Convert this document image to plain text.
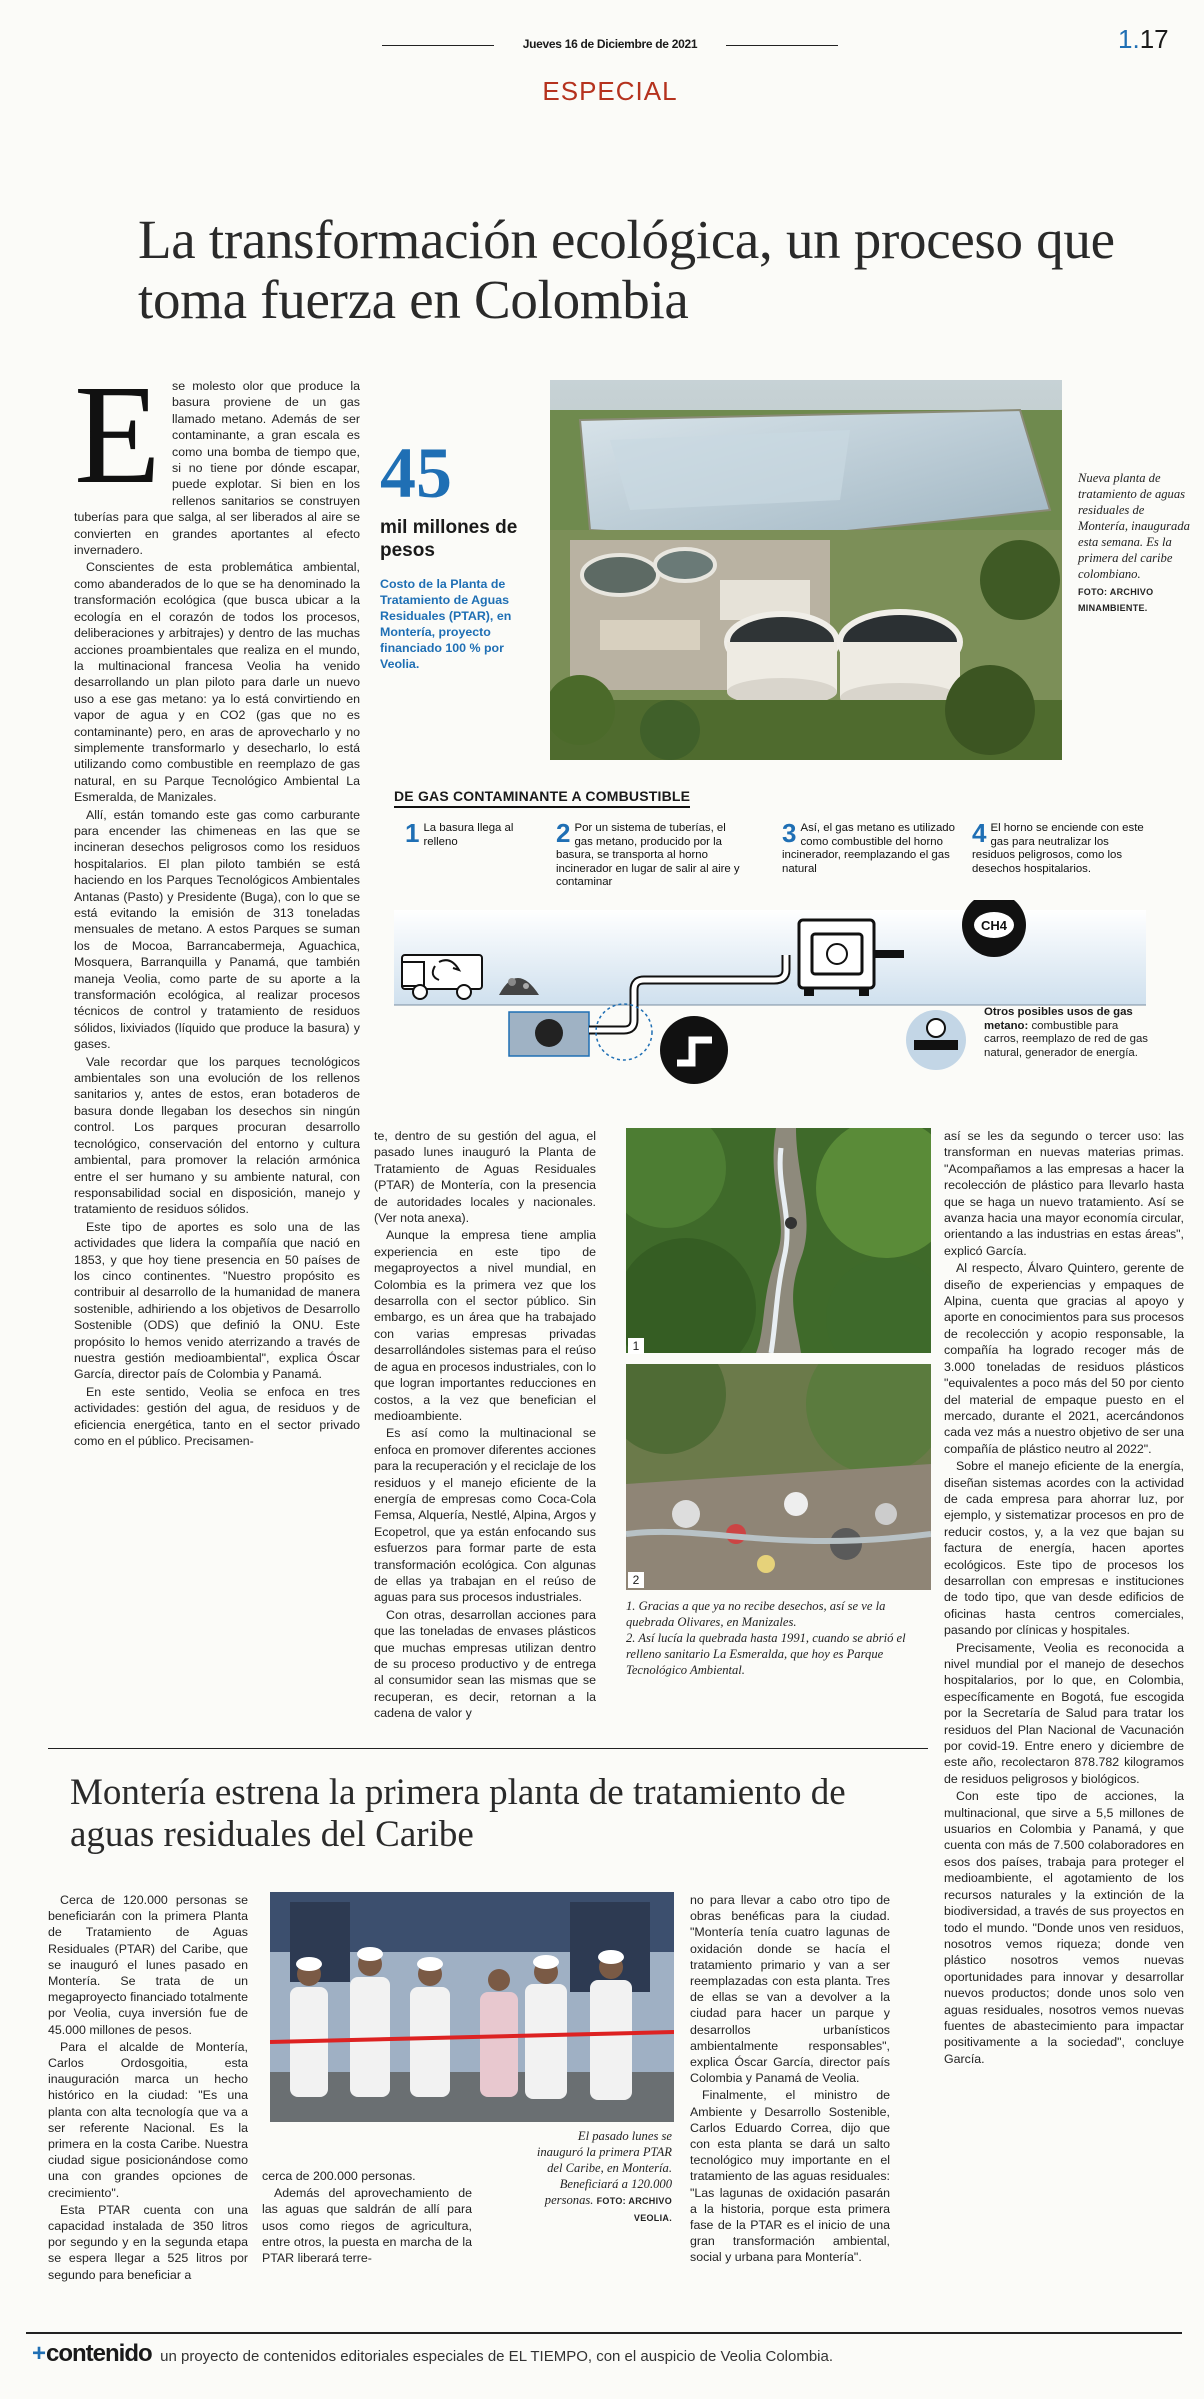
Jueves 16 de Diciembre de 2021	1.17
ESPECIAL
La transformación ecológica, un proceso que toma fuerza en Colombia
E se molesto olor que produce la basura proviene de un gas llamado metano. Además de ser contaminante, a gran escala es como una bomba de tiempo que, si no tiene por dónde escapar, puede explotar. Si bien en los rellenos sanitarios se construyen tuberías para que salga, al ser liberados al aire se convierten en grandes aportantes al efecto invernadero.

Conscientes de esta problemática ambiental, como abanderados de lo que se ha denominado la transformación ecológica (que busca ubicar a la ecología en el corazón de todos los procesos, deliberaciones y arbitrajes) y dentro de las muchas acciones proambientales que realiza en el mundo, la multinacional francesa Veolia ha venido desarrollando un plan piloto para darle un nuevo uso a ese gas metano: ya lo está convirtiendo en vapor de agua y en CO2 (gas que no es contaminante) pero, en aras de aprovecharlo y no simplemente transformarlo y desecharlo, lo está utilizando como combustible en reemplazo de gas natural, en su Parque Tecnológico Ambiental La Esmeralda, de Manizales.

Allí, están tomando este gas como carburante para encender las chimeneas en las que se incineran desechos peligrosos como los residuos hospitalarios. El plan piloto también se está haciendo en los Parques Tecnológicos Ambientales Antanas (Pasto) y Presidente (Buga), con lo que se está evitando la emisión de 313 toneladas mensuales de metano. A estos Parques se suman los de Mocoa, Barrancabermeja, Aguachica, Mosquera, Barranquilla y Panamá, que también maneja Veolia, como parte de su aporte a la transformación ecológica, al realizar procesos técnicos de control y tratamiento de residuos sólidos, lixiviados (líquido que produce la basura) y gases.

Vale recordar que los parques tecnológicos ambientales son una evolución de los rellenos sanitarios y, antes de estos, eran botaderos de basura donde llegaban los desechos sin ningún control. Los parques procuran desarrollo tecnológico, conservación del entorno y cultura ambiental, para promover la relación armónica entre el ser humano y su ambiente natural, con responsabilidad social en disposición, manejo y tratamiento de residuos sólidos.

Este tipo de aportes es solo una de las actividades que lidera la compañía que nació en 1853, y que hoy tiene presencia en 50 países de los cinco continentes. "Nuestro propósito es contribuir al desarrollo de la humanidad de manera sostenible, adhiriendo a los objetivos de Desarrollo Sostenible (ODS) que definió la ONU. Este propósito lo hemos venido aterrizando a través de nuestra gestión medioambiental", explica Óscar García, director país de Colombia y Panamá.

En este sentido, Veolia se enfoca en tres actividades: gestión del agua, de residuos y de eficiencia energética, tanto en el sector privado como en el público. Precisamen-

45
mil millones de pesos
Costo de la Planta de Tratamiento de Aguas Residuales (PTAR), en Montería, proyecto financiado 100 % por Veolia.
Nueva planta de tratamiento de aguas residuales de Montería, inaugurada esta semana. Es la primera del caribe colombiano.
FOTO: ARCHIVO MINAMBIENTE.
DE GAS CONTAMINANTE A COMBUSTIBLE
1 La basura llega al relleno	2 Por un sistema de tuberías, el gas metano, producido por la basura, se transporta al horno incinerador en lugar de salir al aire y contaminar
3 Así, el gas metano es utilizado como combustible del horno incinerador, reemplazando el gas natural
4 El horno se enciende con este gas para neutralizar los residuos peligrosos, como los desechos hospitalarios.
CH4
Otros posibles usos de gas metano: combustible para carros, reemplazo de red de gas natural, generador de energía.

te, dentro de su gestión del agua, el pasado lunes inauguró la Planta de Tratamiento de Aguas Residuales (PTAR) de Montería, con la presencia de autoridades locales y nacionales. (Ver nota anexa).

Aunque la empresa tiene amplia experiencia en este tipo de megaproyectos a nivel mundial, en Colombia es la primera vez que los desarrolla con el sector público. Sin embargo, es un área que ha trabajado con varias empresas privadas desarrollándoles sistemas para el reúso de agua en procesos industriales, con lo que logran importantes reducciones en costos, a la vez que benefician el medioambiente.

Es así como la multinacional se enfoca en promover diferentes acciones para la recuperación y el reciclaje de los residuos y el manejo eficiente de la energía de empresas como Coca-Cola Femsa, Alquería, Nestlé, Alpina, Argos y Ecopetrol, que ya están enfocando sus esfuerzos para formar parte de esta transformación ecológica. Con algunas de ellas ya trabajan en el reúso de aguas para sus procesos industriales.

Con otras, desarrollan acciones para que las toneladas de envases plásticos que muchas empresas utilizan dentro de su proceso productivo y de entrega al consumidor sean las mismas que se recuperan, es decir, retornan a la cadena de valor y

1
2
1. Gracias a que ya no recibe desechos, así se ve la quebrada Olivares, en Manizales.
2. Así lucía la quebrada hasta 1991, cuando se abrió el relleno sanitario La Esmeralda, que hoy es Parque Tecnológico Ambiental.

así se les da segundo o tercer uso: las transforman en nuevas materias primas. "Acompañamos a las empresas a hacer la recolección de plástico para llevarlo hasta que se haga un nuevo tratamiento. Así se avanza hacia una mayor economía circular, orientando a las industrias en estas áreas", explicó García.

Al respecto, Álvaro Quintero, gerente de diseño de experiencias y empaques de Alpina, cuenta que gracias al apoyo y aporte en conocimientos para sus procesos de recolección y acopio responsable, la compañía ha logrado recoger más de 3.000 toneladas de residuos plásticos "equivalentes a poco más del 50 por ciento del material de empaque puesto en el mercado, durante el 2021, acercándonos cada vez más a nuestro objetivo de ser una compañía de plástico neutro al 2022".

Sobre el manejo eficiente de la energía, diseñan sistemas acordes con la actividad de cada empresa para ahorrar luz, por ejemplo, y sistematizar procesos en pro de reducir costos, y, a la vez que bajan su factura de energía, hacen aportes ecológicos. Este tipo de procesos los desarrollan con empresas e instituciones de todo tipo, que van desde edificios de oficinas hasta centros comerciales, pasando por clínicas y hospitales.

Precisamente, Veolia es reconocida a nivel mundial por el manejo de desechos hospitalarios, por lo que, en Colombia, específicamente en Bogotá, fue escogida por la Secretaría de Salud para tratar los residuos del Plan Nacional de Vacunación por covid-19. Entre enero y diciembre de este año, recolectaron 878.782 kilogramos de residuos peligrosos y biológicos.

Con este tipo de acciones, la multinacional, que sirve a 5,5 millones de usuarios en Colombia y Panamá, y que cuenta con más de 7.500 colaboradores en esos dos países, trabaja para proteger el medioambiente, el agotamiento de los recursos naturales y la extinción de la biodiversidad, a través de sus proyectos en todo el mundo. "Donde unos ven residuos, nosotros vemos riqueza; donde ven plástico nosotros vemos nuevas oportunidades para innovar y desarrollar nuevos productos; donde unos solo ven aguas residuales, nosotros vemos nuevas fuentes de abastecimiento para impactar positivamente a la sociedad", concluye García.

Montería estrena la primera planta de tratamiento de aguas residuales del Caribe

Cerca de 120.000 personas se beneficiarán con la primera Planta de Tratamiento de Aguas Residuales (PTAR) del Caribe, que se inauguró el lunes pasado en Montería. Se trata de un megaproyecto financiado totalmente por Veolia, cuya inversión fue de 45.000 millones de pesos.

Para el alcalde de Montería, Carlos Ordosgoitia, esta inauguración marca un hecho histórico en la ciudad: "Es una planta con alta tecnología que va a ser referente Nacional. Es la primera en la costa Caribe. Nuestra ciudad sigue posicionándose como una con grandes opciones de crecimiento".

Esta PTAR cuenta con una capacidad instalada de 350 litros por segundo y en la segunda etapa se espera llegar a 525 litros por segundo para beneficiar a

El pasado lunes se inauguró la primera PTAR del Caribe, en Montería. Beneficiará a 120.000 personas. FOTO: ARCHIVO VEOLIA.

cerca de 200.000 personas.

Además del aprovechamiento de las aguas que saldrán de allí para usos como riegos de agricultura, entre otros, la puesta en marcha de la PTAR liberará terre-

no para llevar a cabo otro tipo de obras benéficas para la ciudad. "Montería tenía cuatro lagunas de oxidación donde se hacía el tratamiento primario y van a ser reemplazadas con esta planta. Tres de ellas se van a devolver a la ciudad para hacer un parque y desarrollos urbanísticos ambientalmente responsables", explica Óscar García, director país Colombia y Panamá de Veolia.

Finalmente, el ministro de Ambiente y Desarrollo Sostenible, Carlos Eduardo Correa, dijo que con esta planta se dará un salto tecnológico muy importante en el tratamiento de las aguas residuales: "Las lagunas de oxidación pasarán a la historia, porque esta primera fase de la PTAR es el inicio de una gran transformación ambiental, social y urbana para Montería".

+contenido un proyecto de contenidos editoriales especiales de EL TIEMPO, con el auspicio de Veolia Colombia.
